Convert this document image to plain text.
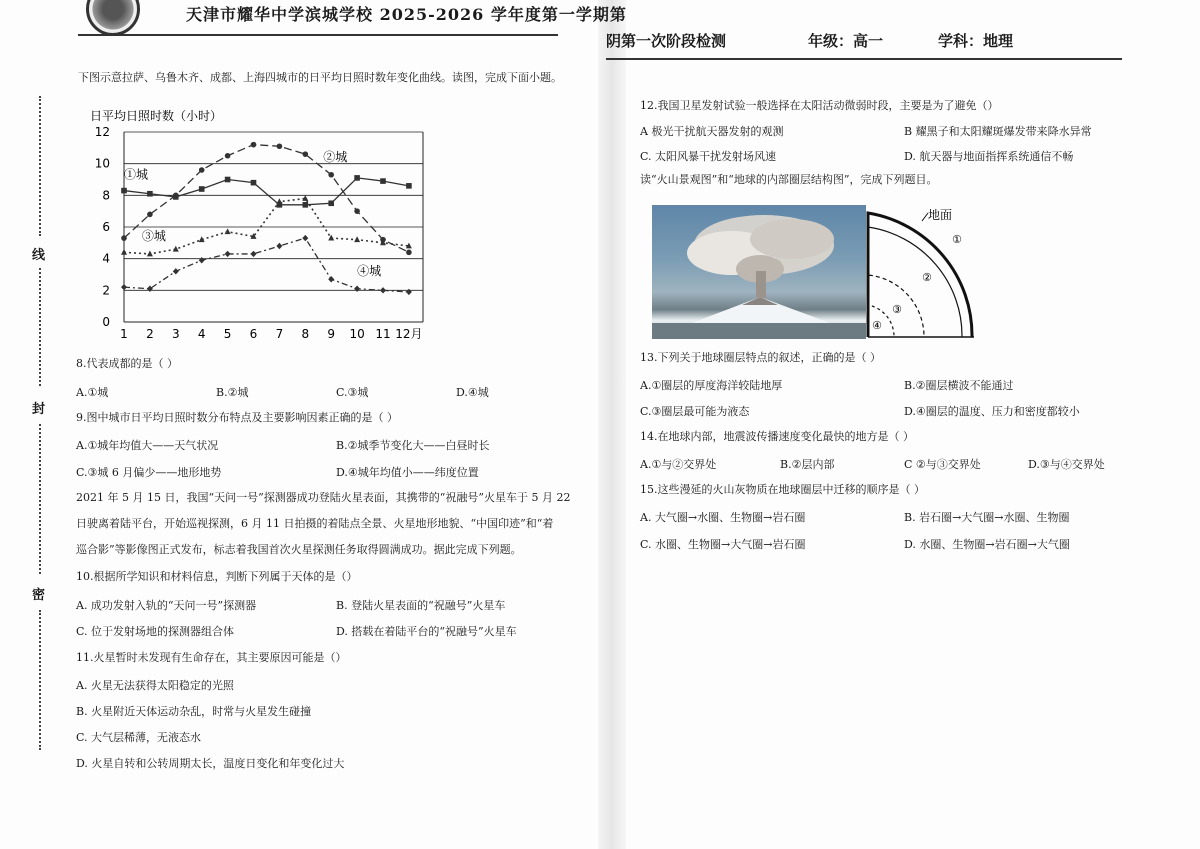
天津市耀华中学滨城学校 2025-2026 学年度第一学期第
阴第一次阶段检测	年级：高一	学科：地理
线
封
密
下图示意拉萨、乌鲁木齐、成都、上海四城市的日平均日照时数年变化曲线。读图，完成下面小题。
日平均日照时数（小时）
0
2
4
6
8
10
12
1 2 3 4 5 6 7 8 9 10 11 12月
①城
②城
③城
④城
8.代表成都的是（ ）
A.①城	B.②城	C.③城	D.④城
9.图中城市日平均日照时数分布特点及主要影响因素正确的是（ ）
A.①城年均值大——天气状况	B.②城季节变化大——白昼时长
C.③城 6 月偏少——地形地势	D.④城年均值小——纬度位置
2021 年 5 月 15 日，我国“天问一号”探测器成功登陆火星表面，其携带的“祝融号”火星车于 5 月 22
日驶离着陆平台，开始巡视探测，6 月 11 日拍摄的着陆点全景、火星地形地貌、“中国印迹”和“着
巡合影”等影像图正式发布，标志着我国首次火星探测任务取得圆满成功。据此完成下列题。
10.根据所学知识和材料信息，判断下列属于天体的是（）
A. 成功发射入轨的“天问一号”探测器	B. 登陆火星表面的“祝融号”火星车
C. 位于发射场地的探测器组合体	D. 搭载在着陆平台的“祝融号”火星车
11.火星暂时未发现有生命存在，其主要原因可能是（）
A. 火星无法获得太阳稳定的光照
B. 火星附近天体运动杂乱，时常与火星发生碰撞
C. 大气层稀薄，无液态水
D. 火星自转和公转周期太长，温度日变化和年变化过大
12.我国卫星发射试验一般选择在太阳活动微弱时段，主要是为了避免（）
A 极光干扰航天器发射的观测	B 耀黑子和太阳耀斑爆发带来降水异常
C. 太阳风暴干扰发射场风速	D. 航天器与地面指挥系统通信不畅
读“火山景观图”和“地球的内部圈层结构图”，完成下列题目。
地面
①
②
③
④
13.下列关于地球圈层特点的叙述，正确的是（ ）
A.①圈层的厚度海洋较陆地厚	B.②圈层横波不能通过
C.③圈层最可能为液态	D.④圈层的温度、压力和密度都较小
14.在地球内部，地震波传播速度变化最快的地方是（ ）
A.①与②交界处	B.②层内部	C ②与③交界处	D.③与④交界处
15.这些漫延的火山灰物质在地球圈层中迁移的顺序是（ ）
A. 大气圈→水圈、生物圈→岩石圈	B. 岩石圈→大气圈→水圈、生物圈
C. 水圈、生物圈→大气圈→岩石圈	D. 水圈、生物圈→岩石圈→大气圈
